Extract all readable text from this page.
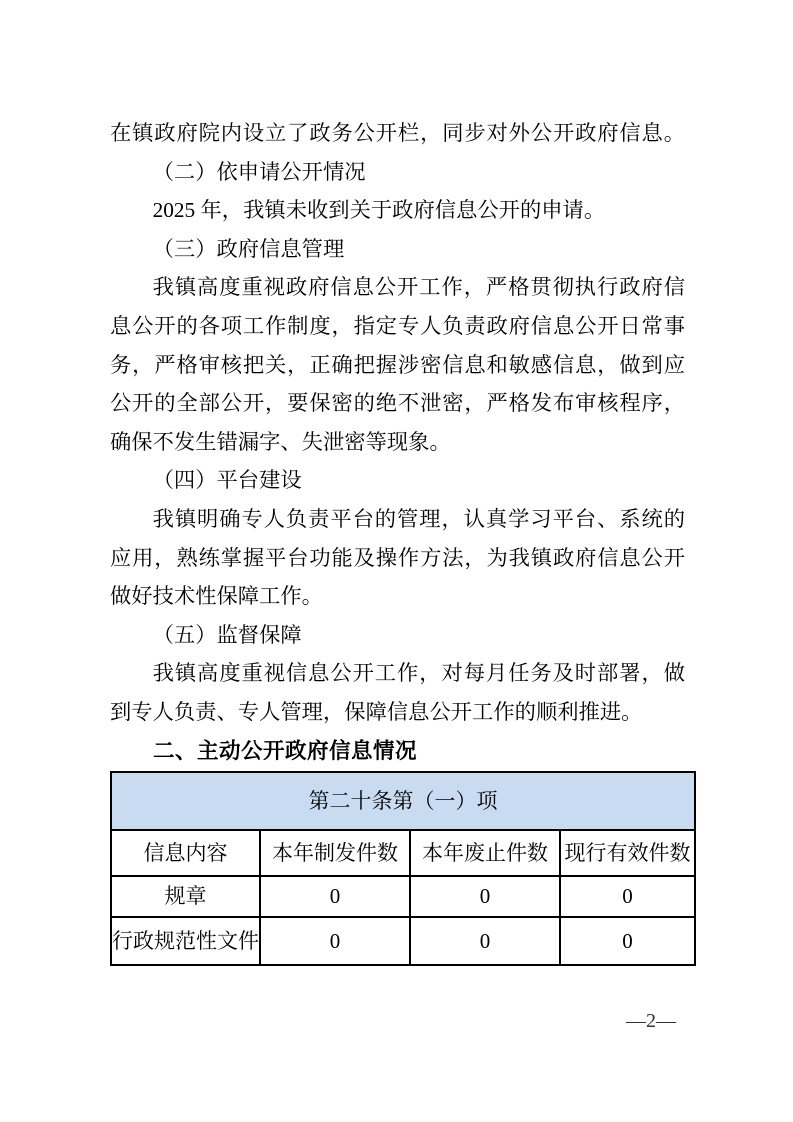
在镇政府院内设立了政务公开栏，同步对外公开政府信息。

（二）依申请公开情况

2025 年，我镇未收到关于政府信息公开的申请。

（三）政府信息管理

我镇高度重视政府信息公开工作，严格贯彻执行政府信息公开的各项工作制度，指定专人负责政府信息公开日常事务，严格审核把关，正确把握涉密信息和敏感信息，做到应公开的全部公开，要保密的绝不泄密，严格发布审核程序，确保不发生错漏字、失泄密等现象。

（四）平台建设

我镇明确专人负责平台的管理，认真学习平台、系统的应用，熟练掌握平台功能及操作方法，为我镇政府信息公开做好技术性保障工作。

（五）监督保障

我镇高度重视信息公开工作，对每月任务及时部署，做到专人负责、专人管理，保障信息公开工作的顺利推进。

二、主动公开政府信息情况

第二十条第（一）项			
信息内容	本年制发件数	本年废止件数	现行有效件数
规章	0	0	0
行政规范性文件	0	0	0
—2—
